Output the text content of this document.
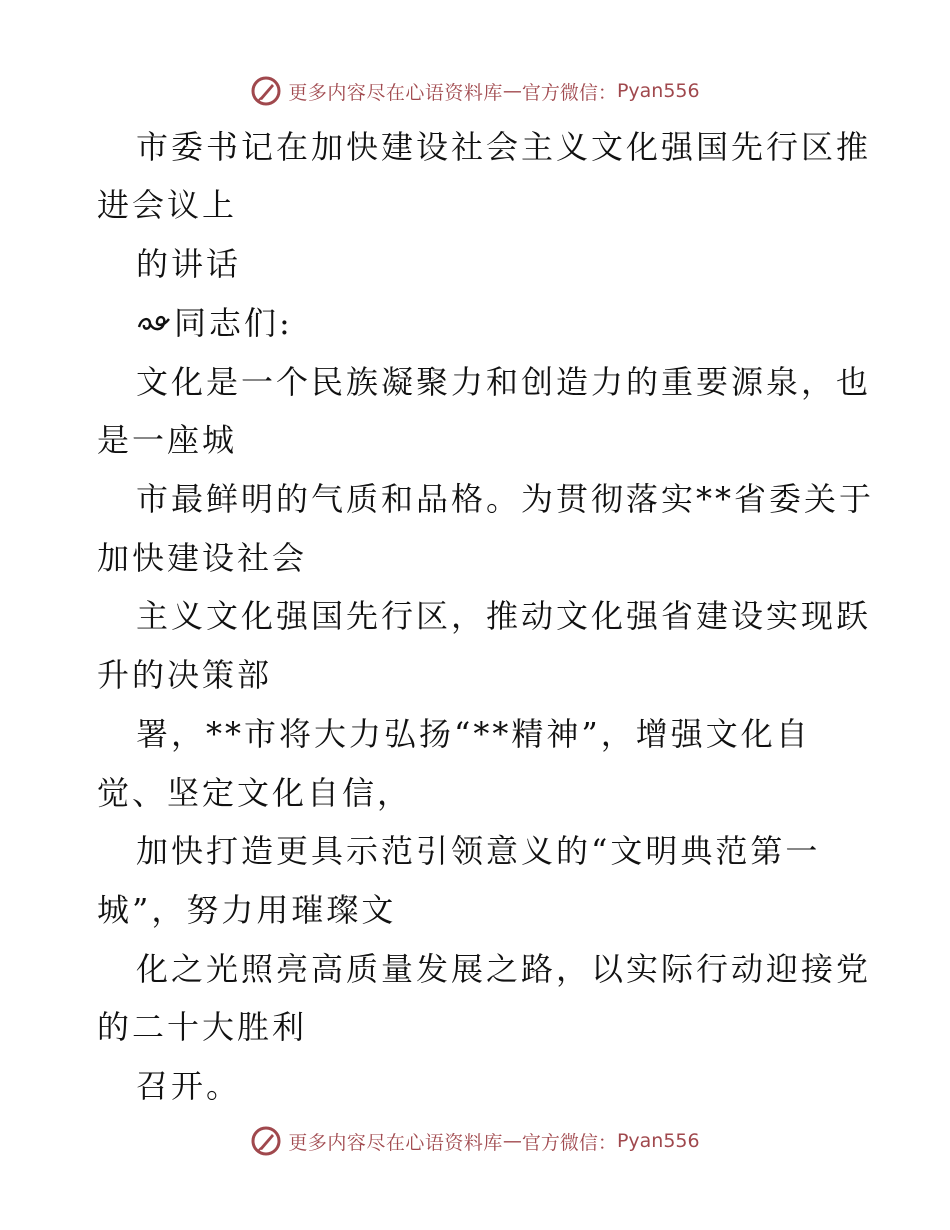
更多内容尽在心语资料库 — 官方微信： Pyan556
市委书记在加快建设社会主义文化强国先行区推
进会议上
的讲话
同志们:
文化是一个民族凝聚力和创造力的重要源泉，也
是一座城
市最鲜明的气质和品格。为贯彻落实**省委关于
加快建设社会
主义文化强国先行区，推动文化强省建设实现跃
升的决策部
署，**市将大力弘扬“**精神”，增强文化自
觉、坚定文化自信，
加快打造更具示范引领意义的“文明典范第一
城”，努力用璀璨文
化之光照亮高质量发展之路，以实际行动迎接党
的二十大胜利
召开。
更多内容尽在心语资料库 — 官方微信： Pyan556
